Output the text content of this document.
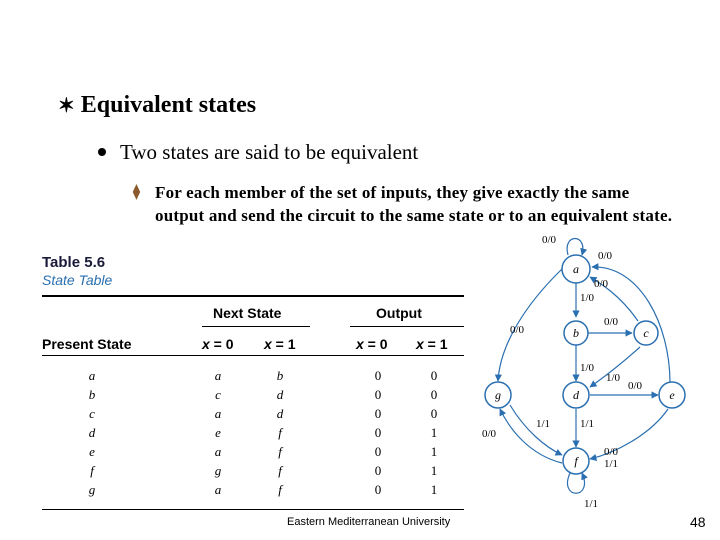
✶ Equivalent states
Two states are said to be equivalent
⧫ For each member of the set of inputs, they give exactly the same output and send the circuit to the same state or to an equivalent state.
Table 5.6
State Table
Next State	Output
Present State	x = 0 x = 1	x = 0 x = 1
a	a	b	0	0
b	c	d	0	0
c	a	d	0	0
d	e	f	0	1
e	a	f	0	1
f	g	f	0	1
g	a	f	0	1
a
b	c
d	e
f
g
0/0
0/0
0/0
1/0
0/0
0/0
1/0
0/0
1/0
0/0
1/1	1/1
0/0
1/1
1/1
Eastern Mediterranean University	48
